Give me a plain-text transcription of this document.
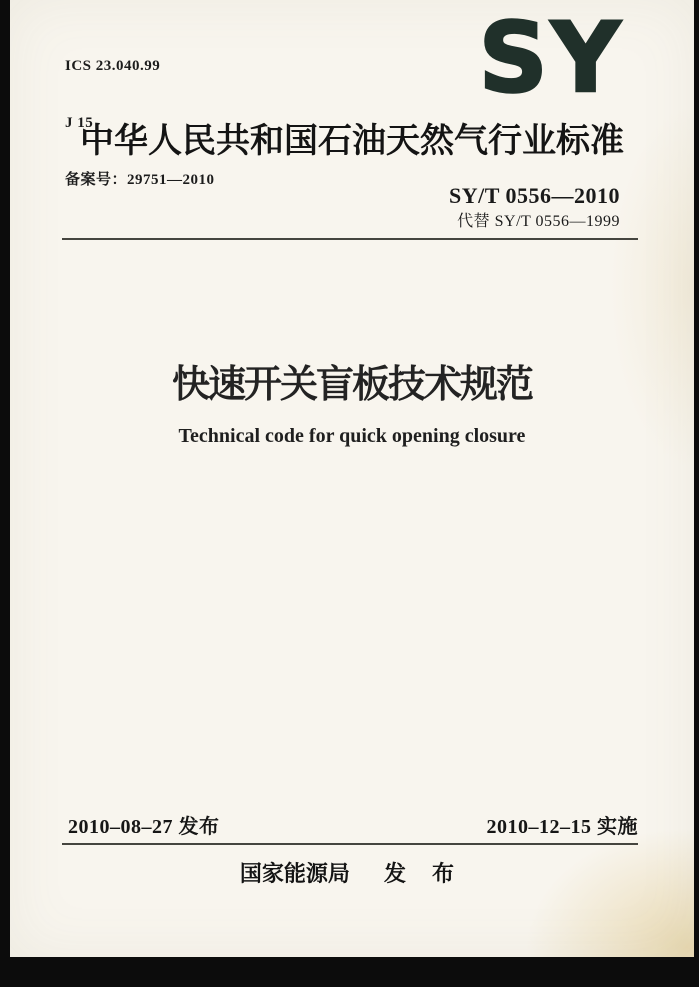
ICS 23.040.99

J 15

备案号：29751—2010

SY
中华人民共和国石油天然气行业标准
SY/T 0556—2010
代替 SY/T 0556—1999
快速开关盲板技术规范
Technical code for quick opening closure
2010–08–27 发布	2010–12–15 实施
国家能源局 发 布
